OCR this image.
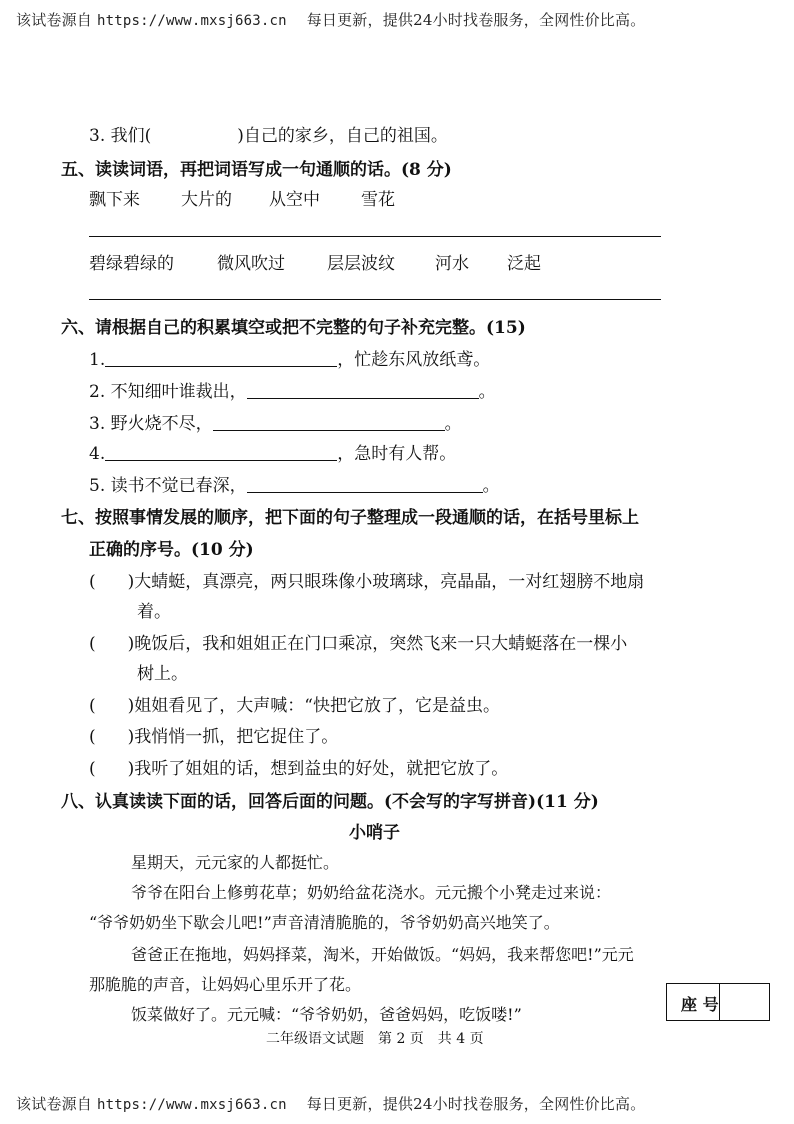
该试卷源自 https://www.mxsj663.cn 每日更新，提供24小时找卷服务，全网性价比高。
3. 我们(	)自己的家乡，自己的祖国。
五、读读词语，再把词语写成一句通顺的话。(8 分)
飘下来 大片的 从空中 雪花
碧绿碧绿的	微风吹过 层层波纹 河水 泛起
六、请根据自己的积累填空或把不完整的句子补充完整。(15)
1.	，忙趁东风放纸鸢。
2. 不知细叶谁裁出，	。
3. 野火烧不尽，	。
4.	，急时有人帮。
5. 读书不觉已春深，	。
七、按照事情发展的顺序，把下面的句子整理成一段通顺的话，在括号里标上
正确的序号。(10 分)
( )大蜻蜓，真漂亮，两只眼珠像小玻璃球，亮晶晶，一对红翅膀不地扇
着。
( )晚饭后，我和姐姐正在门口乘凉，突然飞来一只大蜻蜓落在一棵小
树上。
( )姐姐看见了，大声喊：“快把它放了，它是益虫。
( )我悄悄一抓，把它捉住了。
( )我听了姐姐的话，想到益虫的好处，就把它放了。
八、认真读读下面的话，回答后面的问题。(不会写的字写拼音)(11 分)
小哨子
星期天，元元家的人都挺忙。
爷爷在阳台上修剪花草；奶奶给盆花浇水。元元搬个小凳走过来说：
“爷爷奶奶坐下歇会儿吧!”声音清清脆脆的，爷爷奶奶高兴地笑了。
爸爸正在拖地，妈妈择菜，淘米，开始做饭。“妈妈，我来帮您吧!”元元
那脆脆的声音，让妈妈心里乐开了花。
饭菜做好了。元元喊：“爷爷奶奶，爸爸妈妈，吃饭喽!”
座 号
二年级语文试题　第 2 页　共 4 页
该试卷源自 https://www.mxsj663.cn 每日更新，提供24小时找卷服务，全网性价比高。
